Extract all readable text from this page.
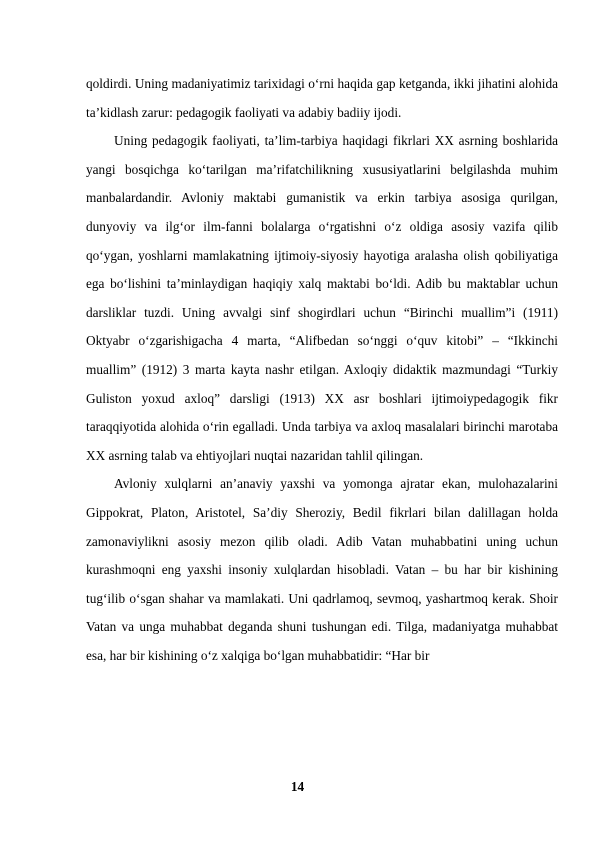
qoldirdi. Uning madaniyatimiz tarixidagi o‘rni haqida gap ketganda, ikki jihatini alohida ta’kidlash zarur: pedagogik faoliyati va adabiy badiiy ijodi.

Uning pedagogik faoliyati, ta’lim-tarbiya haqidagi fikrlari XX asrning boshlarida yangi bosqichga ko‘tarilgan ma’rifatchilikning xususiyatlarini belgilashda muhim manbalardandir. Avloniy maktabi gumanistik va erkin tarbiya asosiga qurilgan, dunyoviy va ilg‘or ilm-fanni bolalarga o‘rgatishni o‘z oldiga asosiy vazifa qilib qo‘ygan, yoshlarni mamlakatning ijtimoiy-siyosiy hayotiga aralasha olish qobiliyatiga ega bo‘lishini ta’minlaydigan haqiqiy xalq maktabi bo‘ldi. Adib bu maktablar uchun darsliklar tuzdi. Uning avvalgi sinf shogirdlari uchun “Birinchi muallim”i (1911) Oktyabr o‘zgarishigacha 4 marta, “Alifbedan so‘nggi o‘quv kitobi” – “Ikkinchi muallim” (1912) 3 marta kayta nashr etilgan. Axloqiy didaktik mazmundagi “Turkiy Guliston yoxud axloq” darsligi (1913) XX asr boshlari ijtimoiypedagogik fikr taraqqiyotida alohida o‘rin egalladi. Unda tarbiya va axloq masalalari birinchi marotaba XX asrning talab va ehtiyojlari nuqtai nazaridan tahlil qilingan.

Avloniy xulqlarni an’anaviy yaxshi va yomonga ajratar ekan, mulohazalarini Gippokrat, Platon, Aristotel, Sa’diy Sheroziy, Bedil fikrlari bilan dalillagan holda zamonaviylikni asosiy mezon qilib oladi. Adib Vatan muhabbatini uning uchun kurashmoqni eng yaxshi insoniy xulqlardan hisobladi. Vatan – bu har bir kishining tug‘ilib o‘sgan shahar va mamlakati. Uni qadrlamoq, sevmoq, yashartmoq kerak. Shoir Vatan va unga muhabbat deganda shuni tushungan edi. Tilga, madaniyatga muhabbat esa, har bir kishining o‘z xalqiga bo‘lgan muhabbatidir: “Har bir

14
